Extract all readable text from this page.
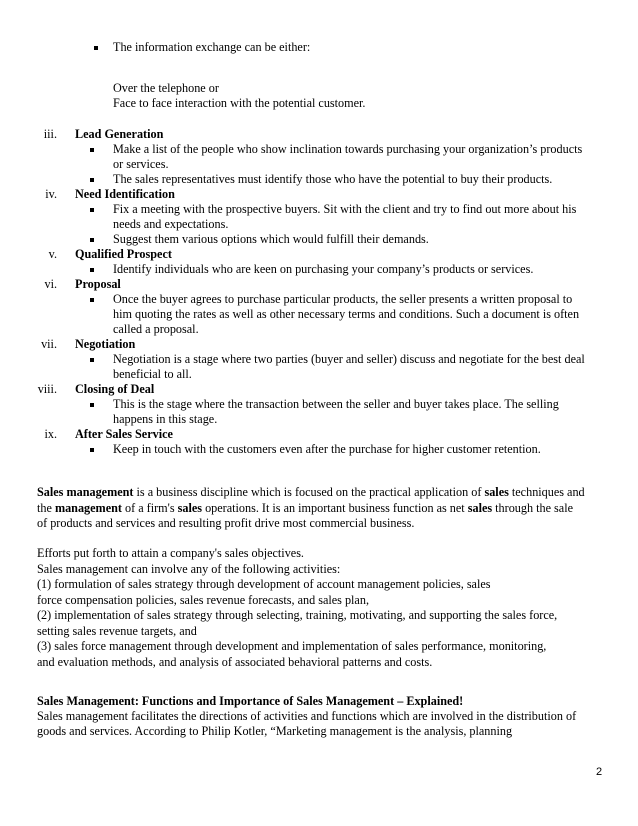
The information exchange can be either:
Over the telephone or
Face to face interaction with the potential customer.
iii. Lead Generation
Make a list of the people who show inclination towards purchasing your organization’s products
or services.
The sales representatives must identify those who have the potential to buy their products.
iv. Need Identification
Fix a meeting with the prospective buyers. Sit with the client and try to find out more about his
needs and expectations.
Suggest them various options which would fulfill their demands.
v. Qualified Prospect
Identify individuals who are keen on purchasing your company’s products or services.
vi. Proposal
Once the buyer agrees to purchase particular products, the seller presents a written proposal to
him quoting the rates as well as other necessary terms and conditions. Such a document is often
called a proposal.
vii. Negotiation
Negotiation is a stage where two parties (buyer and seller) discuss and negotiate for the best deal
beneficial to all.
viii. Closing of Deal
This is the stage where the transaction between the seller and buyer takes place. The selling
happens in this stage.
ix. After Sales Service
Keep in touch with the customers even after the purchase for higher customer retention.
Sales management is a business discipline which is focused on the practical application of sales techniques and
the management of a firm's sales operations. It is an important business function as net sales through the sale
of products and services and resulting profit drive most commercial business.
Efforts put forth to attain a company's sales objectives.
Sales management can involve any of the following activities:
(1) formulation of sales strategy through development of account management policies, sales
force compensation policies, sales revenue forecasts, and sales plan,
(2) implementation of sales strategy through selecting, training, motivating, and supporting the sales force,
setting sales revenue targets, and
(3) sales force management through development and implementation of sales performance, monitoring,
and evaluation methods, and analysis of associated behavioral patterns and costs.
Sales Management: Functions and Importance of Sales Management – Explained!
Sales management facilitates the directions of activities and functions which are involved in the distribution of
goods and services. According to Philip Kotler, “Marketing management is the analysis, planning
2
